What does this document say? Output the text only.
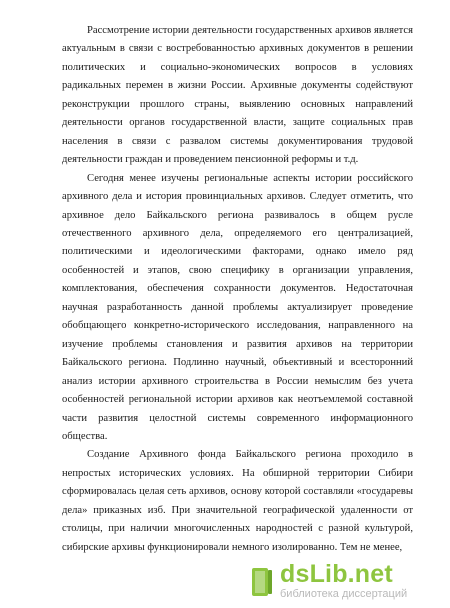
Рассмотрение истории деятельности государственных архивов является актуальным в связи с востребованностью архивных документов в решении политических и социально-экономических вопросов в условиях радикальных перемен в жизни России. Архивные документы содействуют реконструкции прошлого страны, выявлению основных направлений деятельности органов государственной власти, защите социальных прав населения в связи с развалом системы документирования трудовой деятельности граждан и проведением пенсионной реформы и т.д.

Сегодня менее изучены региональные аспекты истории российского архивного дела и история провинциальных архивов. Следует отметить, что архивное дело Байкальского региона развивалось в общем русле отечественного архивного дела, определяемого его централизацией, политическими и идеологическими факторами, однако имело ряд особенностей и этапов, свою специфику в организации управления, комплектования, обеспечения сохранности документов. Недостаточная научная разработанность данной проблемы актуализирует проведение обобщающего конкретно-исторического исследования, направленного на изучение проблемы становления и развития архивов на территории Байкальского региона. Подлинно научный, объективный и всесторонний анализ истории архивного строительства в России немыслим без учета особенностей региональной истории архивов как неотъемлемой составной части развития целостной системы современного информационного общества.

Создание Архивного фонда Байкальского региона проходило в непростых исторических условиях. На обширной территории Сибири сформировалась целая сеть архивов, основу которой составляли «государевы дела» приказных изб. При значительной географической удаленности от столицы, при наличии многочисленных народностей с разной культурой, сибирские архивы функционировали немного изолированно. Тем не менее,

dsLib.net
библиотека диссертаций
